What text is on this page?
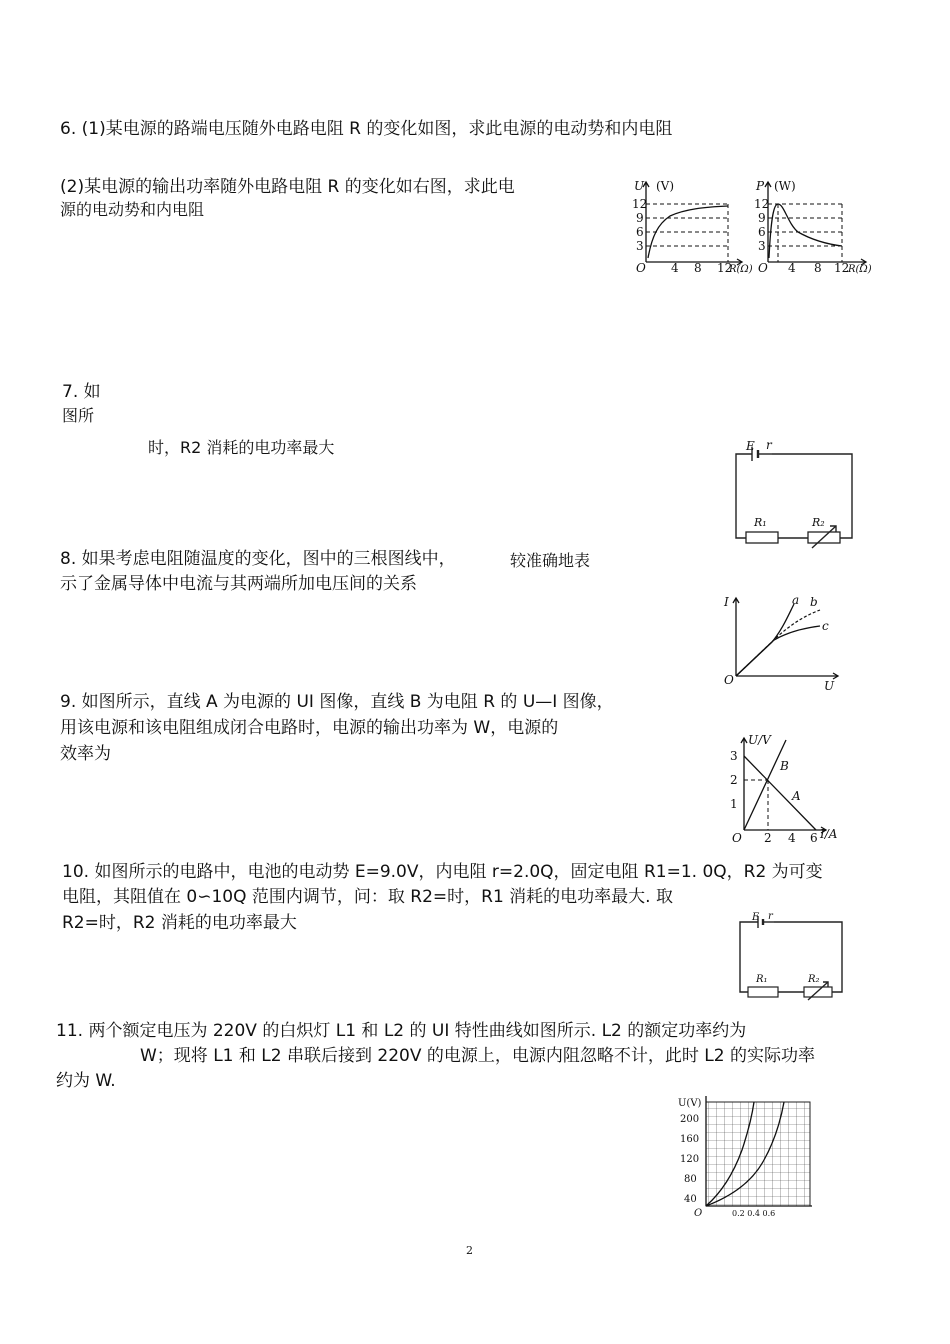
6. (1)某电源的路端电压随外电路电阻 R 的变化如图，求此电源的电动势和内电阻
(2)某电源的输出功率随外电路电阻 R 的变化如右图，求此电
源的电动势和内电阻
U (V)
12
9
6
3
O 4 8 12
R(Ω)
P (W)
12
9
6
3
O 4 8 12
R(Ω)
7. 如
图所
时，R2 消耗的电功率最大	E r
R₁	R₂
8. 如果考虑电阻随温度的变化，图中的三根图线中，	较准确地表
示了金属导体中电流与其两端所加电压间的关系
I
U
O
a b
c
9. 如图所示，直线 A 为电源的 UI 图像，直线 B 为电阻 R 的 U—I 图像，
用该电源和该电阻组成闭合电路时，电源的输出功率为 W，电源的
效率为
U/V
3
2
1
O 2 4 6 I/A
B
A
10. 如图所示的电路中，电池的电动势 E=9.0V，内电阻 r=2.0Q，固定电阻 R1=1. 0Q，R2 为可变
电阻，其阻值在 0∽10Q 范围内调节，问：取 R2=时，R1 消耗的电功率最大. 取
R2=时，R2 消耗的电功率最大	E r
R₁	R₂
11. 两个额定电压为 220V 的白炽灯 L1 和 L2 的 UI 特性曲线如图所示. L2 的额定功率约为
W；现将 L1 和 L2 串联后接到 220V 的电源上，电源内阻忽略不计，此时 L2 的实际功率
约为 W.
U(V)
200
160
120
80
40
O	0.2 0.4 0.6
2
